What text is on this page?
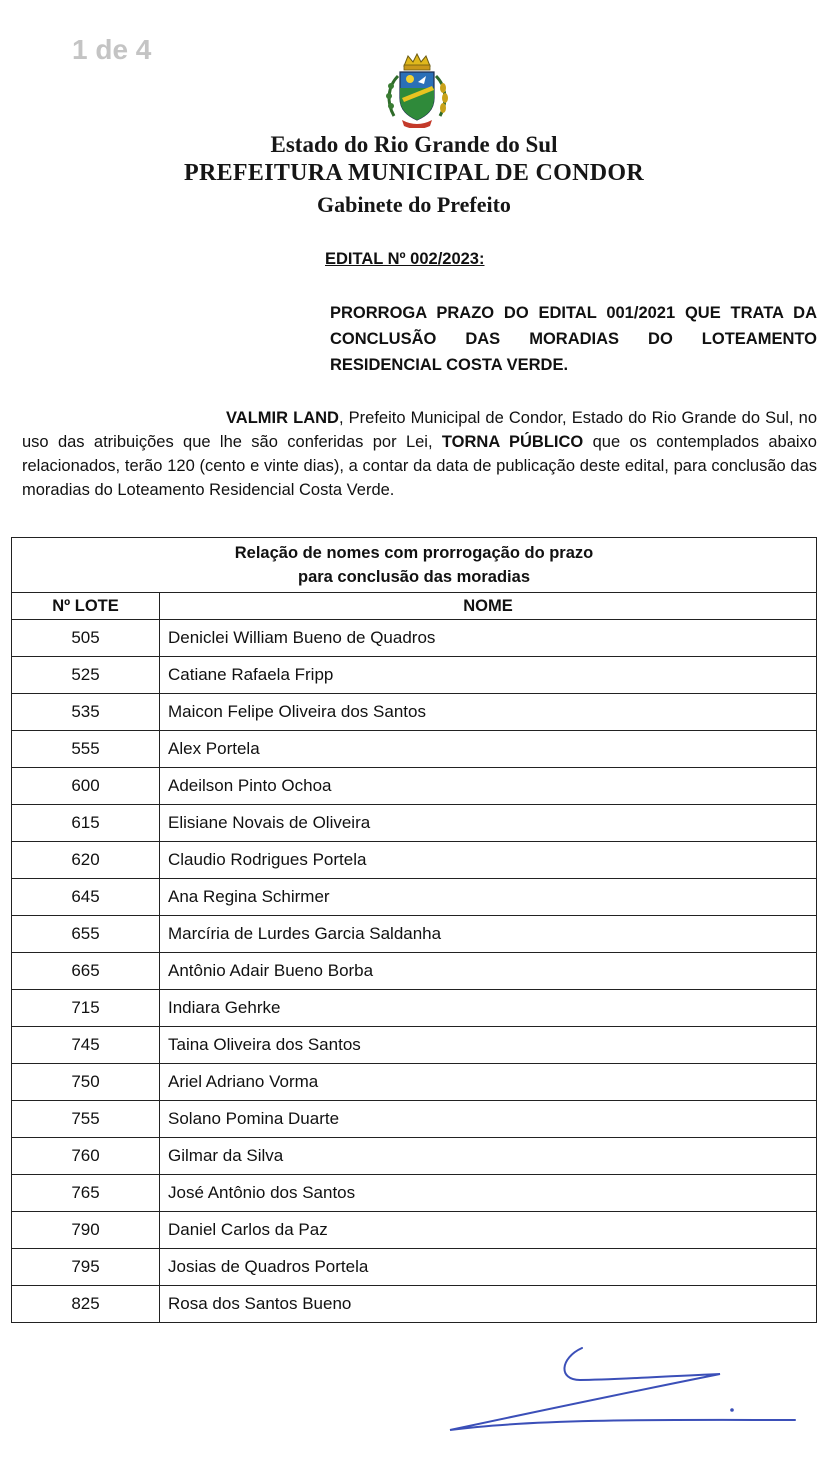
1 de 4
Estado do Rio Grande do Sul
PREFEITURA MUNICIPAL DE CONDOR
Gabinete do Prefeito
EDITAL Nº 002/2023:
PRORROGA PRAZO DO EDITAL 001/2021 QUE TRATA DA CONCLUSÃO DAS MORADIAS DO LOTEAMENTO RESIDENCIAL COSTA VERDE.
VALMIR LAND, Prefeito Municipal de Condor, Estado do Rio Grande do Sul, no uso das atribuições que lhe são conferidas por Lei, TORNA PÚBLICO que os contemplados abaixo relacionados, terão 120 (cento e vinte dias), a contar da data de publicação deste edital, para conclusão das moradias do Loteamento Residencial Costa Verde.
Relação de nomes com prorrogação do prazo
para conclusão das moradias	

Nº LOTE	NOME
505	Deniclei William Bueno de Quadros
525	Catiane Rafaela Fripp
535	Maicon Felipe Oliveira dos Santos
555	Alex Portela
600	Adeilson Pinto Ochoa
615	Elisiane Novais de Oliveira
620	Claudio Rodrigues Portela
645	Ana Regina Schirmer
655	Marcíria de Lurdes Garcia Saldanha
665	Antônio Adair Bueno Borba
715	Indiara Gehrke
745	Taina Oliveira dos Santos
750	Ariel Adriano Vorma
755	Solano Pomina Duarte
760	Gilmar da Silva
765	José Antônio dos Santos
790	Daniel Carlos da Paz
795	Josias de Quadros Portela
825	Rosa dos Santos Bueno
